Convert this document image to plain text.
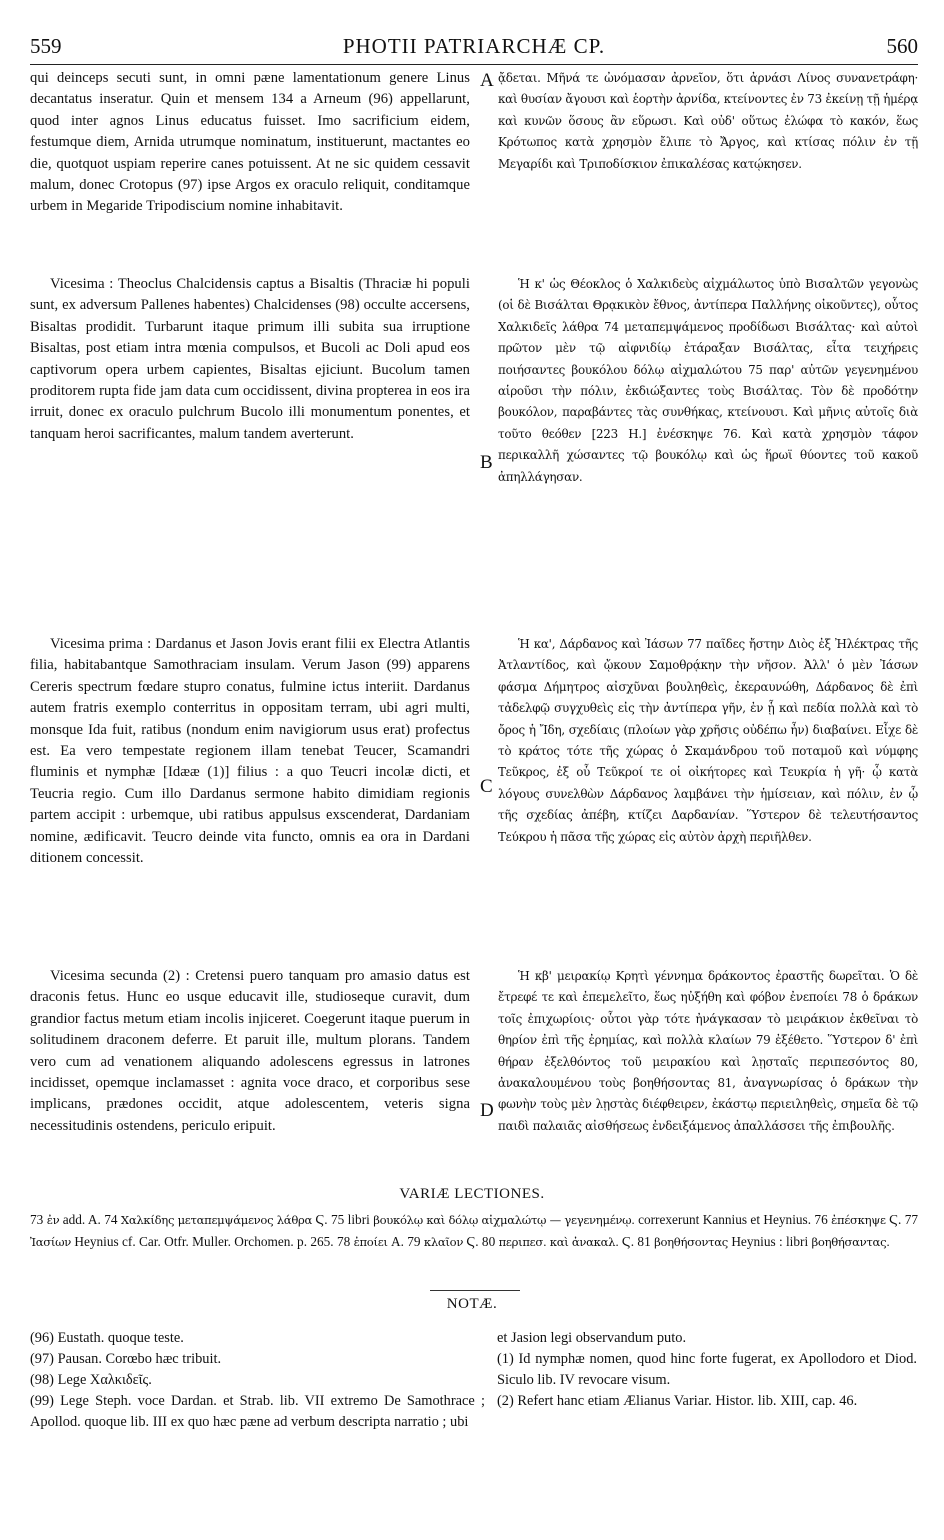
559	PHOTII PATRIARCHÆ CP.	560

qui deinceps secuti sunt, in omni pæne lamentationum genere Linus decantatus inseratur. Quin et mensem 134 a Arneum (96) appellarunt, quod inter agnos Linus educatus fuisset. Imo sacrificium eidem, festumque diem, Arnida utrumque nominatum, instituerunt, mactantes eo die, quotquot uspiam reperire canes potuissent. At ne sic quidem cessavit malum, donec Crotopus (97) ipse Argos ex oraculo reliquit, conditamque urbem in Megaride Tripodiscium nomine inhabitavit.

ᾄδεται. Μῆνά τε ὠνόμασαν ἀρνεῖον, ὅτι ἀρνάσι Λίνος συνανετράφη· καὶ θυσίαν ἄγουσι καὶ ἑορτὴν ἀρνίδα, κτείνοντες ἐν 73 ἐκείνῃ τῇ ἡμέρᾳ καὶ κυνῶν ὅσους ἂν εὕρωσι. Καὶ οὐδ' οὕτως ἐλώφα τὸ κακόν, ἕως Κρότωπος κατὰ χρησμὸν ἔλιπε τὸ Ἄργος, καὶ κτίσας πόλιν ἐν τῇ Μεγαρίδι καὶ Τριποδίσκιον ἐπικαλέσας κατῴκησεν.

A

Vicesima : Theoclus Chalcidensis captus a Bisaltis (Thraciæ hi populi sunt, ex adversum Pallenes habentes) Chalcidenses (98) occulte accersens, Bisaltas prodidit. Turbarunt itaque primum illi subita sua irruptione Bisaltas, post etiam intra mœnia compulsos, et Bucoli ac Doli apud eos captivorum opera urbem capientes, Bisaltas ejiciunt. Bucolum tamen proditorem rupta fide jam data cum occidissent, divina propterea in eos ira irruit, donec ex oraculo pulchrum Bucolo illi monumentum ponentes, et tanquam heroi sacrificantes, malum tandem averterunt.

Ἡ κ' ὡς Θέοκλος ὁ Χαλκιδεὺς αἰχμάλωτος ὑπὸ Βισαλτῶν γεγονὼς (οἱ δὲ Βισάλται Θρᾳκικὸν ἔθνος, ἀντίπερα Παλλήνης οἰκοῦντες), οὗτος Χαλκιδεῖς λάθρα 74 μεταπεμψάμενος προδίδωσι Βισάλτας· καὶ αὐτοὶ πρῶτον μὲν τῷ αἰφνιδίῳ ἐτάραξαν Βισάλτας, εἶτα τειχήρεις ποιήσαντες βουκόλου δόλῳ αἰχμαλώτου 75 παρ' αὐτῶν γεγενημένου αἱροῦσι τὴν πόλιν, ἐκδιώξαντες τοὺς Βισάλτας. Τὸν δὲ προδότην βουκόλον, παραβάντες τὰς συνθήκας, κτείνουσι. Καὶ μῆνις αὐτοῖς διὰ τοῦτο θεόθεν [223 H.] ἐνέσκηψε 76. Καὶ κατὰ χρησμὸν τάφον περικαλλῆ χώσαντες τῷ βουκόλῳ καὶ ὡς ἥρωϊ θύοντες τοῦ κακοῦ ἀπηλλάγησαν.

B

Vicesima prima : Dardanus et Jason Jovis erant filii ex Electra Atlantis filia, habitabantque Samothraciam insulam. Verum Jason (99) apparens Cereris spectrum fœdare stupro conatus, fulmine ictus interiit. Dardanus autem fratris exemplo conterritus in oppositam terram, ubi agri multi, monsque Ida fuit, ratibus (nondum enim navigiorum usus erat) profectus est. Ea vero tempestate regionem illam tenebat Teucer, Scamandri fluminis et nymphæ [Idææ (1)] filius : a quo Teucri incolæ dicti, et Teucria regio. Cum illo Dardanus sermone habito dimidiam regionis partem accipit : urbemque, ubi ratibus appulsus exscenderat, Dardaniam nomine, ædificavit. Teucro deinde vita functo, omnis ea ora in Dardani ditionem concessit.

Ἡ κα', Δάρδανος καὶ Ἰάσων 77 παῖδες ἤστην Διὸς ἐξ Ἠλέκτρας τῆς Ἀτλαντίδος, καὶ ᾤκουν Σαμοθρᾴκην τὴν νῆσον. Ἀλλ' ὁ μὲν Ἰάσων φάσμα Δήμητρος αἰσχῦναι βουληθεὶς, ἐκεραυνώθη, Δάρδανος δὲ ἐπὶ τἀδελφῷ συγχυθεὶς εἰς τὴν ἀντίπερα γῆν, ἐν ᾗ καὶ πεδία πολλὰ καὶ τὸ ὄρος ἡ Ἴδη, σχεδίαις (πλοίων γὰρ χρῆσις οὐδέπω ἦν) διαβαίνει. Εἶχε δὲ τὸ κράτος τότε τῆς χώρας ὁ Σκαμάνδρου τοῦ ποταμοῦ καὶ νύμφης Τεῦκρος, ἐξ οὗ Τεῦκροί τε οἱ οἰκήτορες καὶ Τευκρία ἡ γῆ· ᾧ κατὰ λόγους συνελθὼν Δάρδανος λαμβάνει τὴν ἡμίσειαν, καὶ πόλιν, ἐν ᾧ τῆς σχεδίας ἀπέβη, κτίζει Δαρδανίαν. Ὕστερον δὲ τελευτήσαντος Τεύκρου ἡ πᾶσα τῆς χώρας εἰς αὐτὸν ἀρχὴ περιῆλθεν.

C

Vicesima secunda (2) : Cretensi puero tanquam pro amasio datus est draconis fetus. Hunc eo usque educavit ille, studioseque curavit, dum grandior factus metum etiam incolis injiceret. Coegerunt itaque puerum in solitudinem draconem deferre. Et paruit ille, multum plorans. Tandem vero cum ad venationem aliquando adolescens egressus in latrones incidisset, opemque inclamasset : agnita voce draco, et corporibus sese implicans, prædones occidit, atque adolescentem, veteris signa necessitudinis ostendens, periculo eripuit.

Ἡ κβ' μειρακίῳ Κρητὶ γέννημα δράκοντος ἐραστῆς δωρεῖται. Ὁ δὲ ἔτρεφέ τε καὶ ἐπεμελεῖτο, ἕως ηὐξήθη καὶ φόβον ἐνεποίει 78 ὁ δράκων τοῖς ἐπιχωρίοις· οὗτοι γὰρ τότε ἠνάγκασαν τὸ μειράκιον ἐκθεῖναι τὸ θηρίον ἐπὶ τῆς ἐρημίας, καὶ πολλὰ κλαίων 79 ἐξέθετο. Ὕστερον δ' ἐπὶ θήραν ἐξελθόντος τοῦ μειρακίου καὶ λῃσταῖς περιπεσόντος 80, ἀνακαλουμένου τοὺς βοηθήσοντας 81, ἀναγνωρίσας ὁ δράκων τὴν φωνὴν τοὺς μὲν λῃστὰς διέφθειρεν, ἐκάστῳ περιειληθεὶς, σημεῖα δὲ τῷ παιδὶ παλαιᾶς αἰσθήσεως ἐνδειξάμενος ἀπαλλάσσει τῆς ἐπιβουλῆς.

D
VARIÆ LECTIONES.
73 ἐν add. A. 74 Χαλκίδης μεταπεμψάμενος λάθρα Ϛ. 75 libri βουκόλῳ καὶ δόλῳ αἰχμαλώτῳ — γεγενημένῳ. correxerunt Kannius et Heynius. 76 ἐπέσκηψε Ϛ. 77 Ἰασίων Heynius cf. Car. Otfr. Muller. Orchomen. p. 265. 78 ἐποίει A. 79 κλαῖον Ϛ. 80 περιπεσ. καὶ ἀνακαλ. Ϛ. 81 βοηθήσοντας Heynius : libri βοηθήσαντας.
NOTÆ.

(96) Eustath. quoque teste.

(97) Pausan. Corœbo hæc tribuit.

(98) Lege Χαλκιδεῖς.

(99) Lege Steph. voce Dardan. et Strab. lib. VII extremo De Samothrace ; Apollod. quoque lib. III ex quo hæc pæne ad verbum descripta narratio ; ubi

et Jasion legi observandum puto.

(1) Id nymphæ nomen, quod hinc forte fugerat, ex Apollodoro et Diod. Siculo lib. IV revocare visum.

(2) Refert hanc etiam Ælianus Variar. Histor. lib. XIII, cap. 46.
